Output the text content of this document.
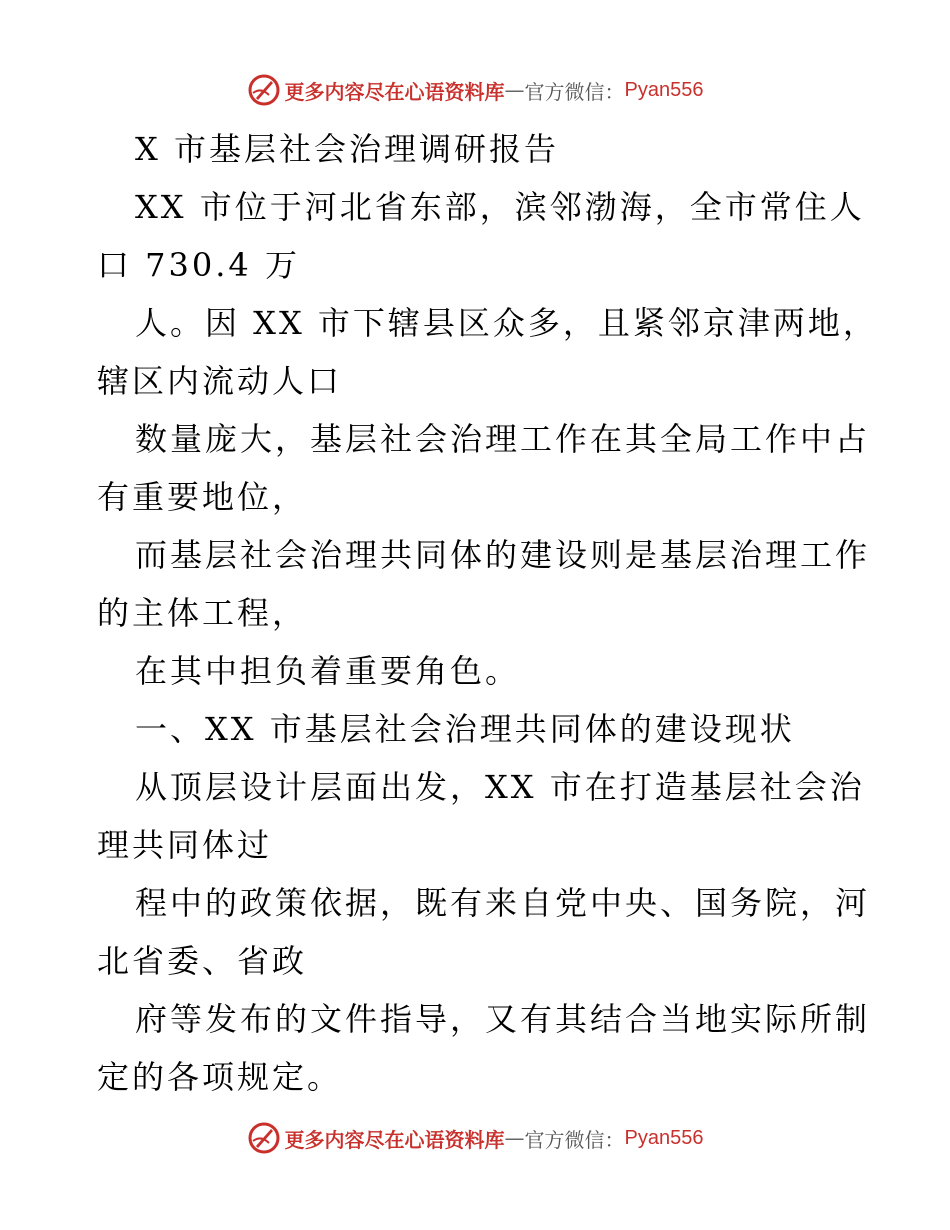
更多内容尽在心语资料库 — 官方微信： Pyan556

X 市基层社会治理调研报告

XX 市位于河北省东部，滨邻渤海，全市常住人

口 730.4 万

人。因 XX 市下辖县区众多，且紧邻京津两地，

辖区内流动人口

数量庞大，基层社会治理工作在其全局工作中占

有重要地位，

而基层社会治理共同体的建设则是基层治理工作

的主体工程，

在其中担负着重要角色。

一、XX 市基层社会治理共同体的建设现状

从顶层设计层面出发，XX 市在打造基层社会治

理共同体过

程中的政策依据，既有来自党中央、国务院，河

北省委、省政

府等发布的文件指导，又有其结合当地实际所制

定的各项规定。

更多内容尽在心语资料库 — 官方微信： Pyan556
